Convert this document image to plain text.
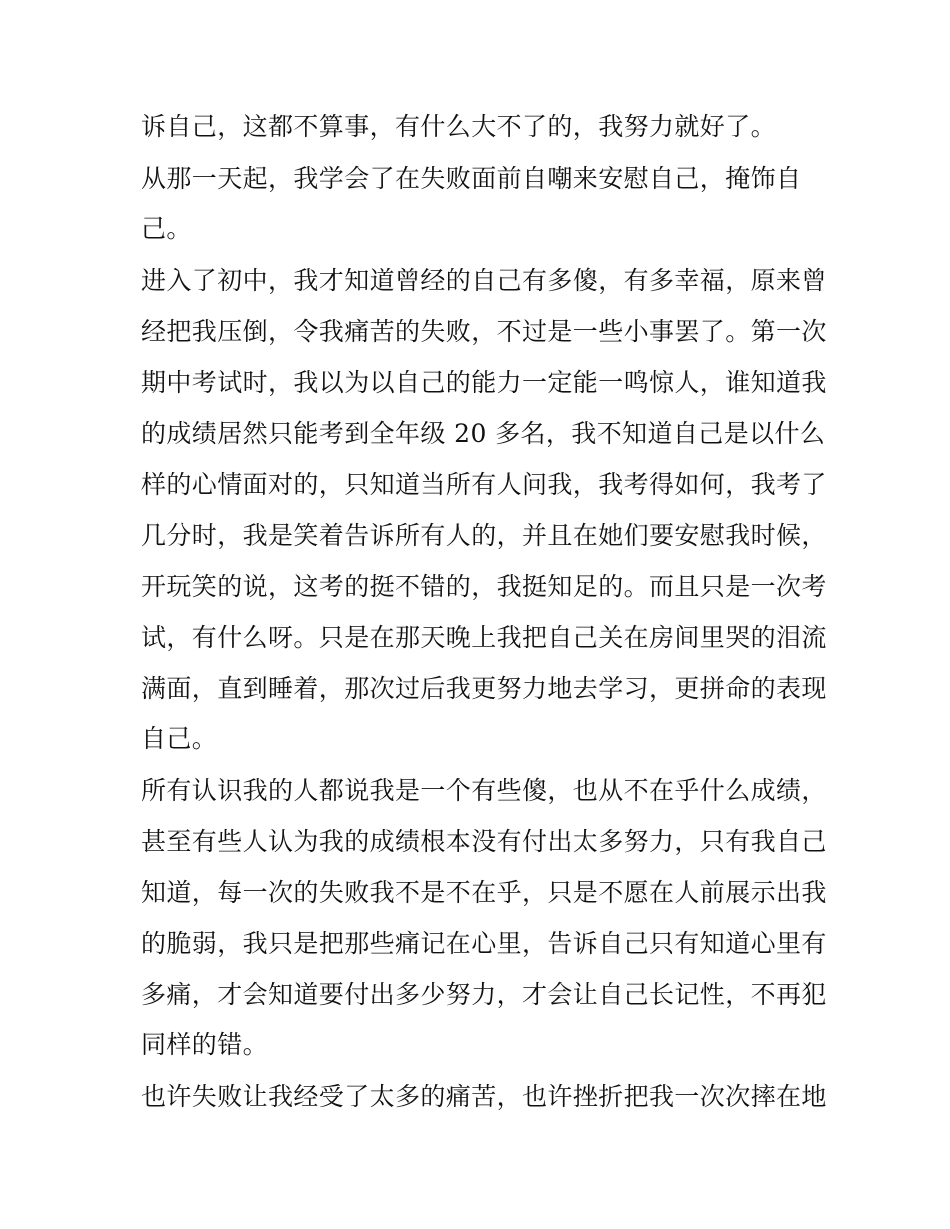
诉自己，这都不算事，有什么大不了的，我努力就好了。
从那一天起，我学会了在失败面前自嘲来安慰自己，掩饰自
己。
进入了初中，我才知道曾经的自己有多傻，有多幸福，原来曾
经把我压倒，令我痛苦的失败，不过是一些小事罢了。第一次
期中考试时，我以为以自己的能力一定能一鸣惊人，谁知道我
的成绩居然只能考到全年级 20 多名，我不知道自己是以什么
样的心情面对的，只知道当所有人问我，我考得如何，我考了
几分时，我是笑着告诉所有人的，并且在她们要安慰我时候，
开玩笑的说，这考的挺不错的，我挺知足的。而且只是一次考
试，有什么呀。只是在那天晚上我把自己关在房间里哭的泪流
满面，直到睡着，那次过后我更努力地去学习，更拼命的表现
自己。
所有认识我的人都说我是一个有些傻，也从不在乎什么成绩，
甚至有些人认为我的成绩根本没有付出太多努力，只有我自己
知道，每一次的失败我不是不在乎，只是不愿在人前展示出我
的脆弱，我只是把那些痛记在心里，告诉自己只有知道心里有
多痛，才会知道要付出多少努力，才会让自己长记性，不再犯
同样的错。
也许失败让我经受了太多的痛苦，也许挫折把我一次次摔在地
